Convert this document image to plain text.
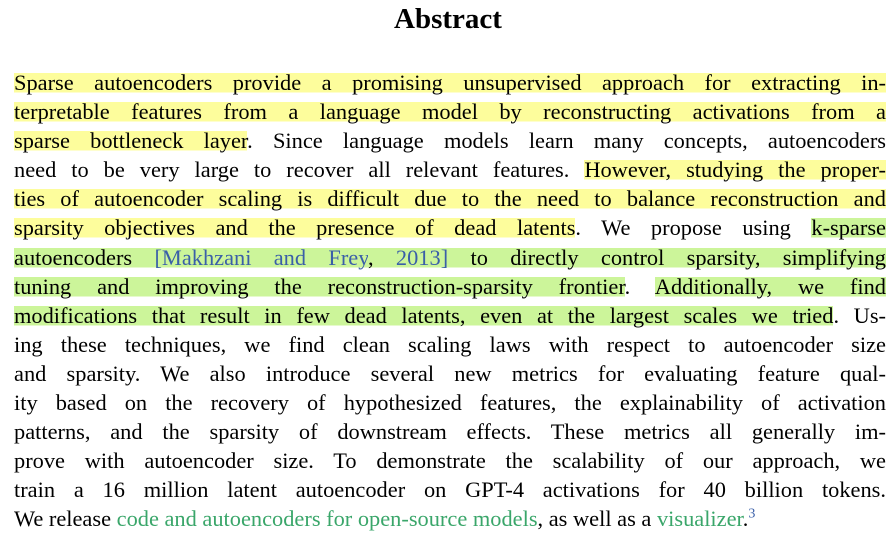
Abstract
Sparse autoencoders provide a promising unsupervised approach for extracting in-
terpretable features from a language model by reconstructing activations from a
sparse bottleneck layer. Since language models learn many concepts, autoencoders
need to be very large to recover all relevant features. However, studying the proper-
ties of autoencoder scaling is difficult due to the need to balance reconstruction and
sparsity objectives and the presence of dead latents. We propose using k-sparse
autoencoders [Makhzani and Frey, 2013] to directly control sparsity, simplifying
tuning and improving the reconstruction-sparsity frontier. Additionally, we find
modifications that result in few dead latents, even at the largest scales we tried. Us-
ing these techniques, we find clean scaling laws with respect to autoencoder size
and sparsity. We also introduce several new metrics for evaluating feature qual-
ity based on the recovery of hypothesized features, the explainability of activation
patterns, and the sparsity of downstream effects. These metrics all generally im-
prove with autoencoder size. To demonstrate the scalability of our approach, we
train a 16 million latent autoencoder on GPT-4 activations for 40 billion tokens.
We release code and autoencoders for open-source models, as well as a visualizer.$^3$
